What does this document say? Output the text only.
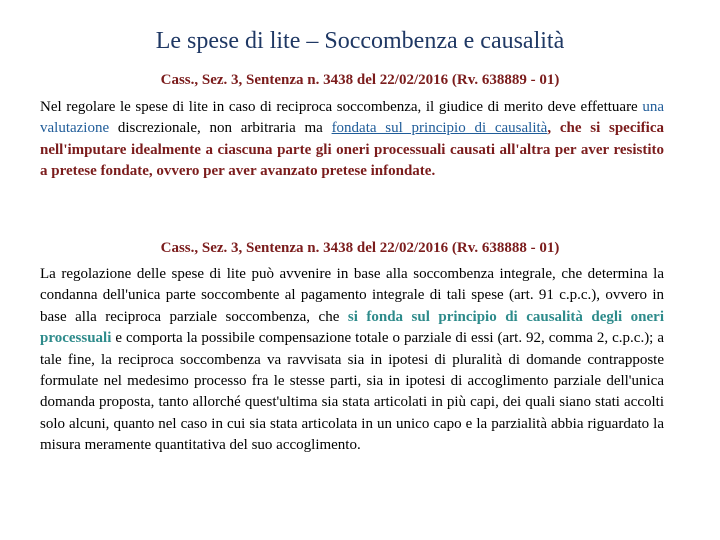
Le spese di lite – Soccombenza e causalità
Cass., Sez. 3, Sentenza n. 3438 del 22/02/2016 (Rv. 638889 - 01)
Nel regolare le spese di lite in caso di reciproca soccombenza, il giudice di merito deve effettuare una valutazione discrezionale, non arbitraria ma fondata sul principio di causalità, che si specifica nell'imputare idealmente a ciascuna parte gli oneri processuali causati all'altra per aver resistito a pretese fondate, ovvero per aver avanzato pretese infondate.
Cass., Sez. 3, Sentenza n. 3438 del 22/02/2016 (Rv. 638888 - 01)
La regolazione delle spese di lite può avvenire in base alla soccombenza integrale, che determina la condanna dell'unica parte soccombente al pagamento integrale di tali spese (art. 91 c.p.c.), ovvero in base alla reciproca parziale soccombenza, che si fonda sul principio di causalità degli oneri processuali e comporta la possibile compensazione totale o parziale di essi (art. 92, comma 2, c.p.c.); a tale fine, la reciproca soccombenza va ravvisata sia in ipotesi di pluralità di domande contrapposte formulate nel medesimo processo fra le stesse parti, sia in ipotesi di accoglimento parziale dell'unica domanda proposta, tanto allorché quest'ultima sia stata articolati in più capi, dei quali siano stati accolti solo alcuni, quanto nel caso in cui sia stata articolata in un unico capo e la parzialità abbia riguardato la misura meramente quantitativa del suo accoglimento.
